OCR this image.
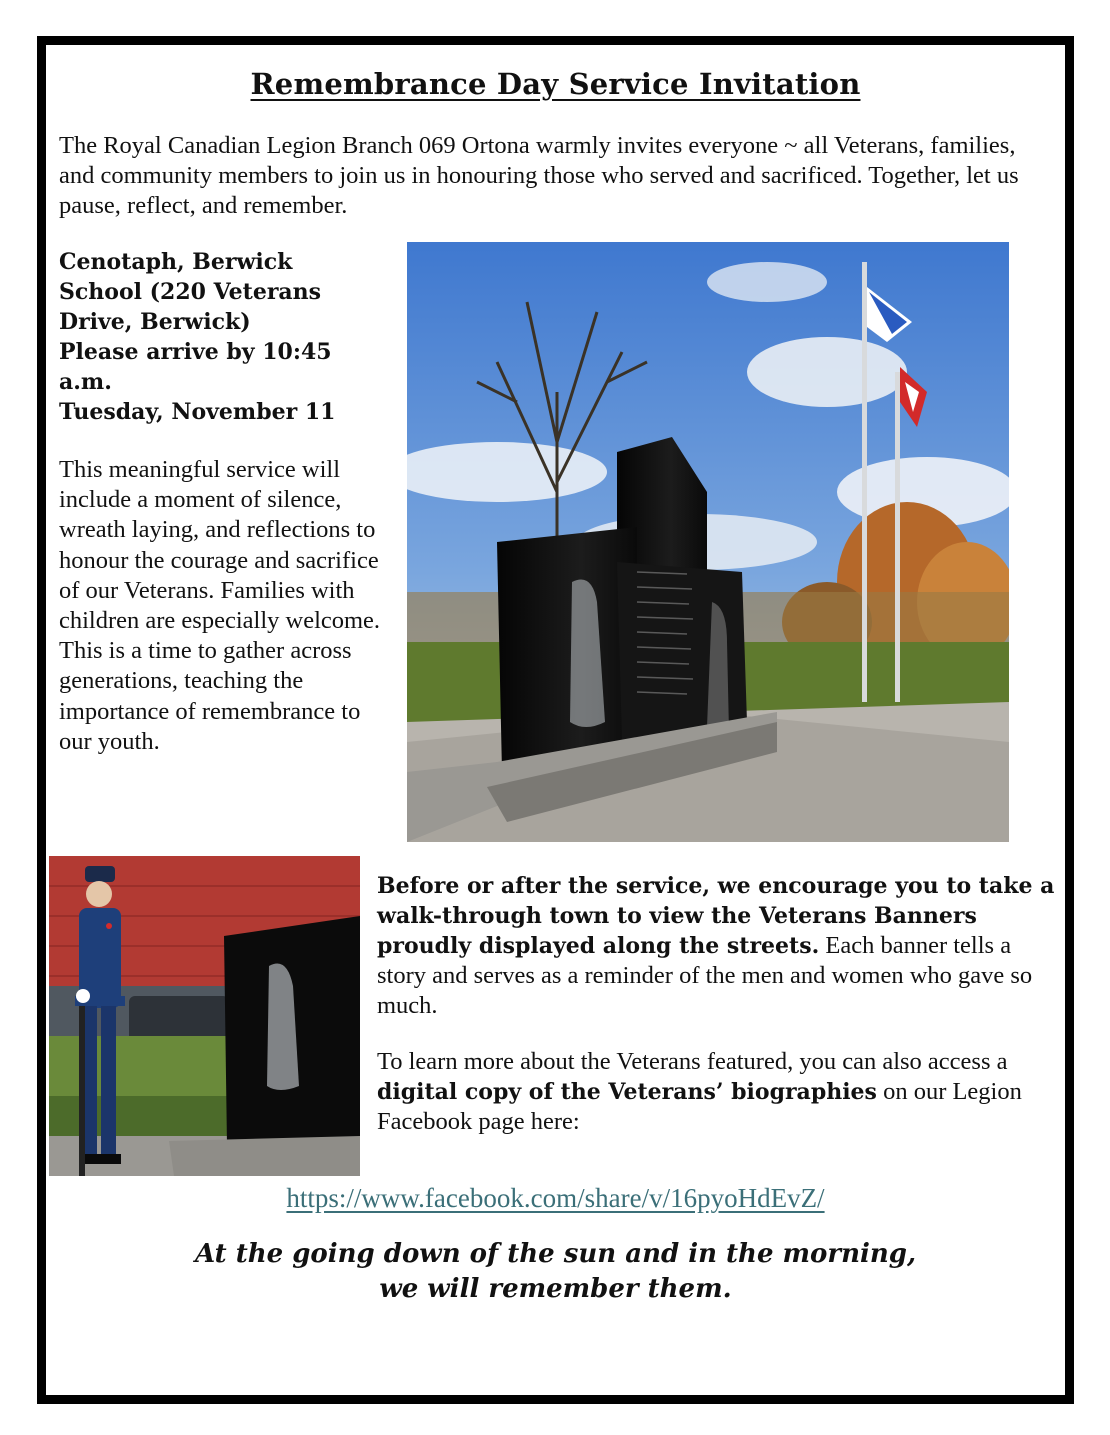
Remembrance Day Service Invitation
The Royal Canadian Legion Branch 069 Ortona warmly invites everyone ~ all Veterans, families, and community members to join us in honouring those who served and sacrificed. Together, let us pause, reflect, and remember.
Cenotaph, Berwick School (220 Veterans Drive, Berwick)
Please arrive by 10:45 a.m.
Tuesday, November 11
This meaningful service will include a moment of silence, wreath laying, and reflections to honour the courage and sacrifice of our Veterans. Families with children are especially welcome. This is a time to gather across generations, teaching the importance of remembrance to our youth.
Before or after the service, we encourage you to take a walk-through town to view the Veterans Banners proudly displayed along the streets. Each banner tells a story and serves as a reminder of the men and women who gave so much.
To learn more about the Veterans featured, you can also access a digital copy of the Veterans’ biographies on our Legion Facebook page here:
https://www.facebook.com/share/v/16pyoHdEvZ/
At the going down of the sun and in the morning,
we will remember them.
